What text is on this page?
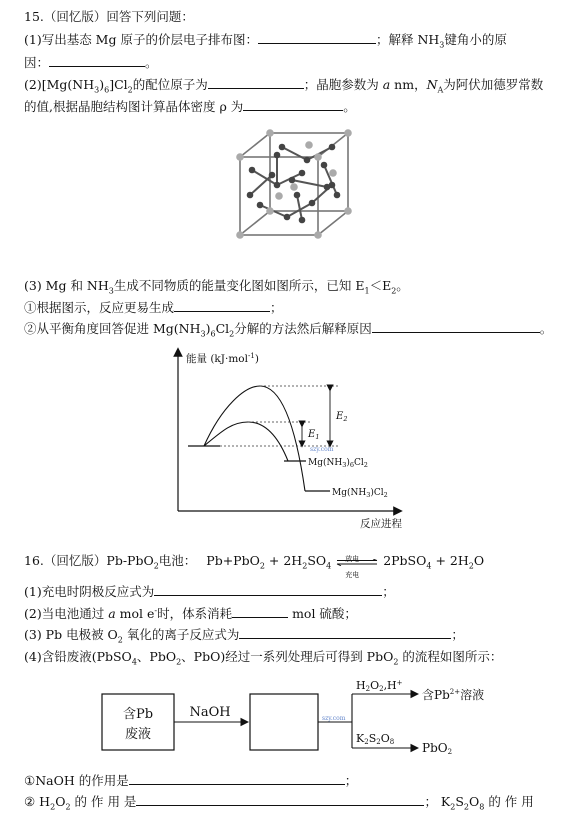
15.（回忆版）回答下列问题：
(1)写出基态 Mg 原子的价层电子排布图：	；解释 $NH_3$键角小的原
因：	。
$(2)[Mg(NH_3)_6]Cl_2$的配位原子为	；晶胞参数为 a nm，$N_A$为阿伏加德罗常数
的值,根据晶胞结构图计算晶体密度 ρ 为	。
(3) Mg 和 $NH_3$生成不同物质的能量变化图如图所示，已知 $E_1<E_2$。
①根据图示，反应更易生成	；
②从平衡角度回答促进 $Mg(NH_3)_6Cl_2$分解的方法然后解释原因	。
能量 (kJ·mol$^{-1}$)
反应进程
$Mg(NH_3)_6Cl_2$
$Mg(NH_3)Cl_2$
$E_2$
$E_1$
szy.com
16.（回忆版）Pb-PbO$_2$电池： $Pb+PbO_2 + 2H_2SO_4$
放电
充电
2PbSO$_4$ + $2H_2O$
(1)充电时阴极反应式为	；
(2)当电池通过 a mol e-时，体系消耗	mol 硫酸；
(3) Pb 电极被 $O_2$ 氧化的离子反应式为	；
(4)含铅废液(PbSO$_4$、PbO$_2$、PbO)经过一系列处理后可得到 PbO$_2$ 的流程如图所示：
含Pb
废液
NaOH
H2O2,H+
含$Pb^{2+}$溶液
K2S2O8 PbO2
szy.com
①NaOH 的作用是	；
② $H_2O_2$ 的 作 用 是	； $K_2S_2O_8$ 的 作 用
